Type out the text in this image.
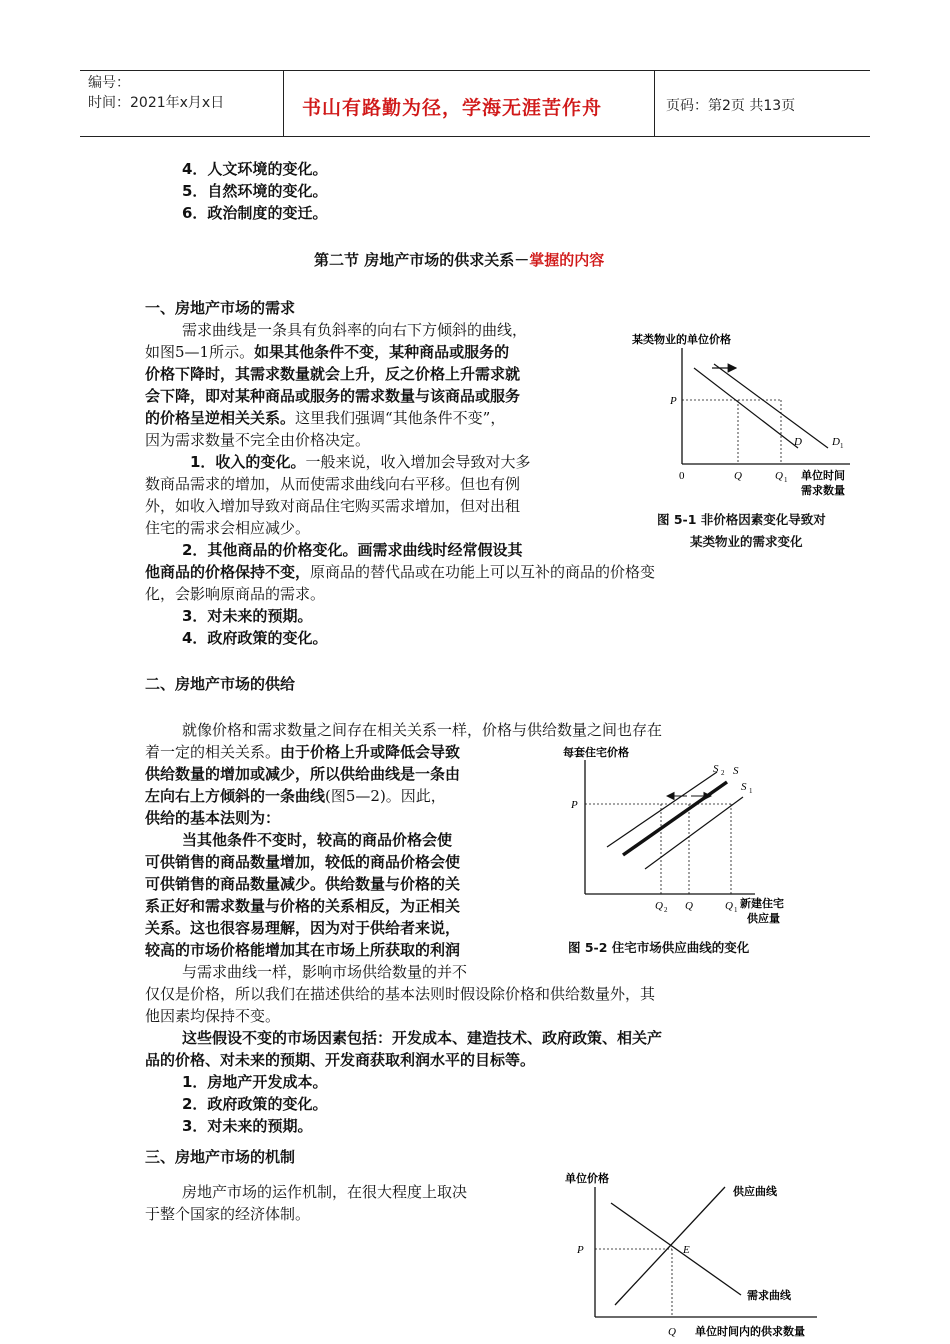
编号：
时间：2021年x月x日	书山有路勤为径，学海无涯苦作舟	页码：第2页 共13页
4．人文环境的变化。
5．自然环境的变化。
6．政治制度的变迁。
第二节 房地产市场的供求关系－掌握的内容
一、房地产市场的需求
需求曲线是一条具有负斜率的向右下方倾斜的曲线，
如图5—1所示。如果其他条件不变，某种商品或服务的
价格下降时，其需求数量就会上升，反之价格上升需求就
会下降，即对某种商品或服务的需求数量与该商品或服务
的价格呈逆相关关系。这里我们强调“其他条件不变”，
因为需求数量不完全由价格决定。
1．收入的变化。一般来说，收入增加会导致对大多
数商品需求的增加，从而使需求曲线向右平移。但也有例
外，如收入增加导致对商品住宅购买需求增加，但对出租
住宅的需求会相应减少。
2．其他商品的价格变化。画需求曲线时经常假设其
他商品的价格保持不变，原商品的替代品或在功能上可以互补的商品的价格变
化，会影响原商品的需求。
3．对未来的预期。
4．政府政策的变化。
某类物业的单位价格
P
0	Q	Q 1
D	D 1
单位时间
需求数量
图 5-1 非价格因素变化导致对
某类物业的需求变化
二、房地产市场的供给
就像价格和需求数量之间存在相关关系一样，价格与供给数量之间也存在
着一定的相关关系。由于价格上升或降低会导致
供给数量的增加或减少，所以供给曲线是一条由
左向右上方倾斜的一条曲线(图5—2)。因此，
供给的基本法则为：
当其他条件不变时，较高的商品价格会使
可供销售的商品数量增加，较低的商品价格会使
可供销售的商品数量减少。供给数量与价格的关
系正好和需求数量与价格的关系相反，为正相关
关系。这也很容易理解，因为对于供给者来说，
较高的市场价格能增加其在市场上所获取的利润
与需求曲线一样，影响市场供给数量的并不
仅仅是价格，所以我们在描述供给的基本法则时假设除价格和供给数量外，其
他因素均保持不变。
这些假设不变的市场因素包括：开发成本、建造技术、政府政策、相关产
品的价格、对未来的预期、开发商获取利润水平的目标等。
1．房地产开发成本。
2．政府政策的变化。
3．对未来的预期。
每套住宅价格
P
S 2 S
S 1
Q 2 Q	Q 1 新建住宅
供应量
图 5-2 住宅市场供应曲线的变化
三、房地产市场的机制
房地产市场的运作机制，在很大程度上取决
于整个国家的经济体制。
单位价格
供应曲线
需求曲线
P	E
Q 单位时间内的供求数量
